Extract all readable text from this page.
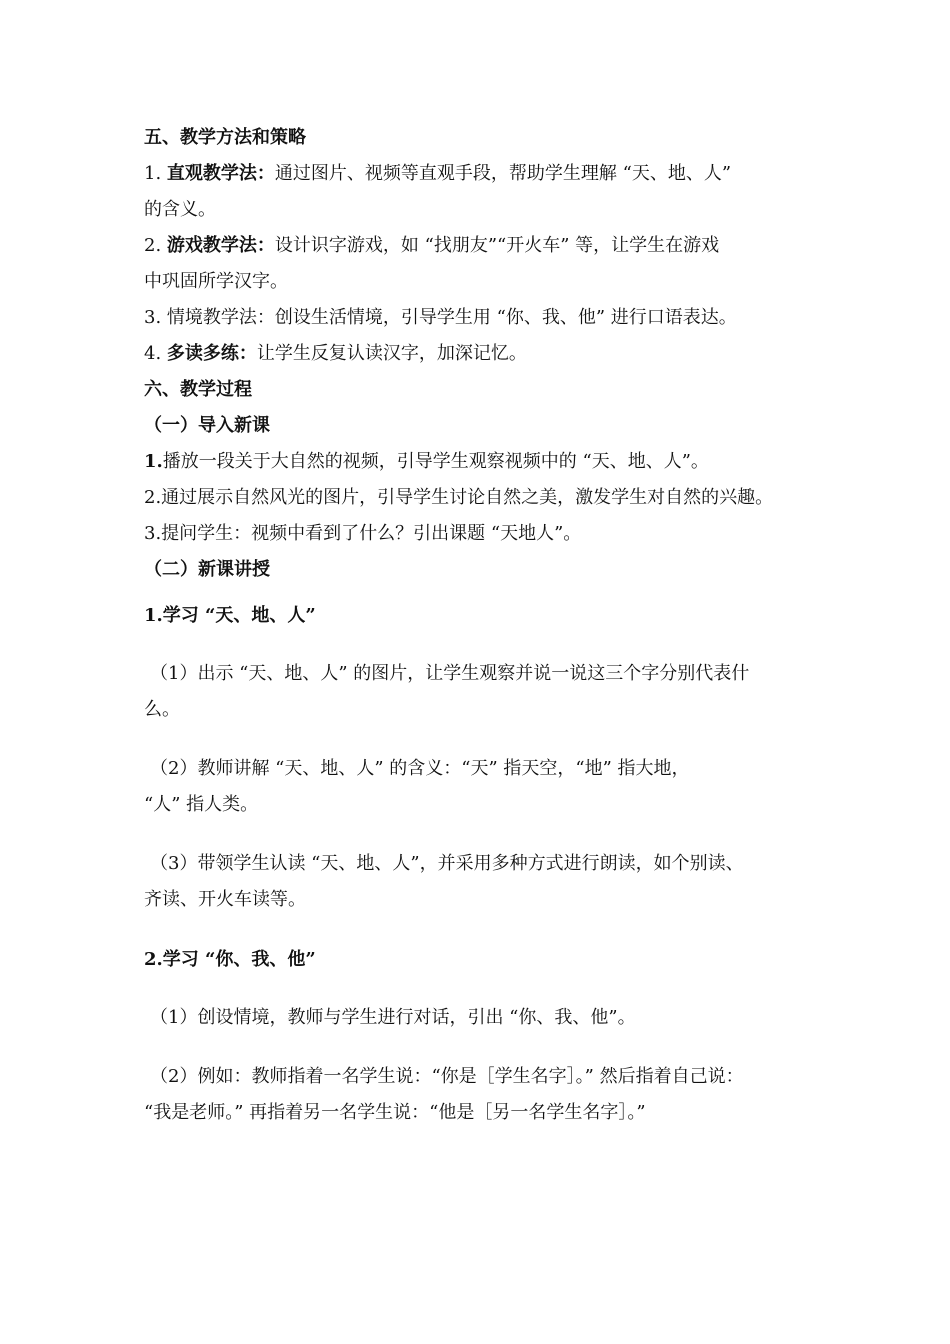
五、教学方法和策略
1. 直观教学法：通过图片、视频等直观手段，帮助学生理解 “天、地、人”
的含义。
2. 游戏教学法：设计识字游戏，如 “找朋友”“开火车” 等，让学生在游戏
中巩固所学汉字。
3. 情境教学法：创设生活情境，引导学生用 “你、我、他” 进行口语表达。
4. 多读多练：让学生反复认读汉字，加深记忆。
六、教学过程
（一）导入新课
1.播放一段关于大自然的视频，引导学生观察视频中的 “天、地、人”。
2.通过展示自然风光的图片，引导学生讨论自然之美，激发学生对自然的兴趣。
3.提问学生：视频中看到了什么？引出课题 “天地人”。
（二）新课讲授
1.学习 “天、地、人”
（1）出示 “天、地、人” 的图片，让学生观察并说一说这三个字分别代表什
么。
（2）教师讲解 “天、地、人” 的含义：“天” 指天空，“地” 指大地，
“人” 指人类。
（3）带领学生认读 “天、地、人”，并采用多种方式进行朗读，如个别读、
齐读、开火车读等。
2.学习 “你、我、他”
（1）创设情境，教师与学生进行对话，引出 “你、我、他”。
（2）例如：教师指着一名学生说：“你是［学生名字］。” 然后指着自己说：
“我是老师。” 再指着另一名学生说：“他是［另一名学生名字］。”
